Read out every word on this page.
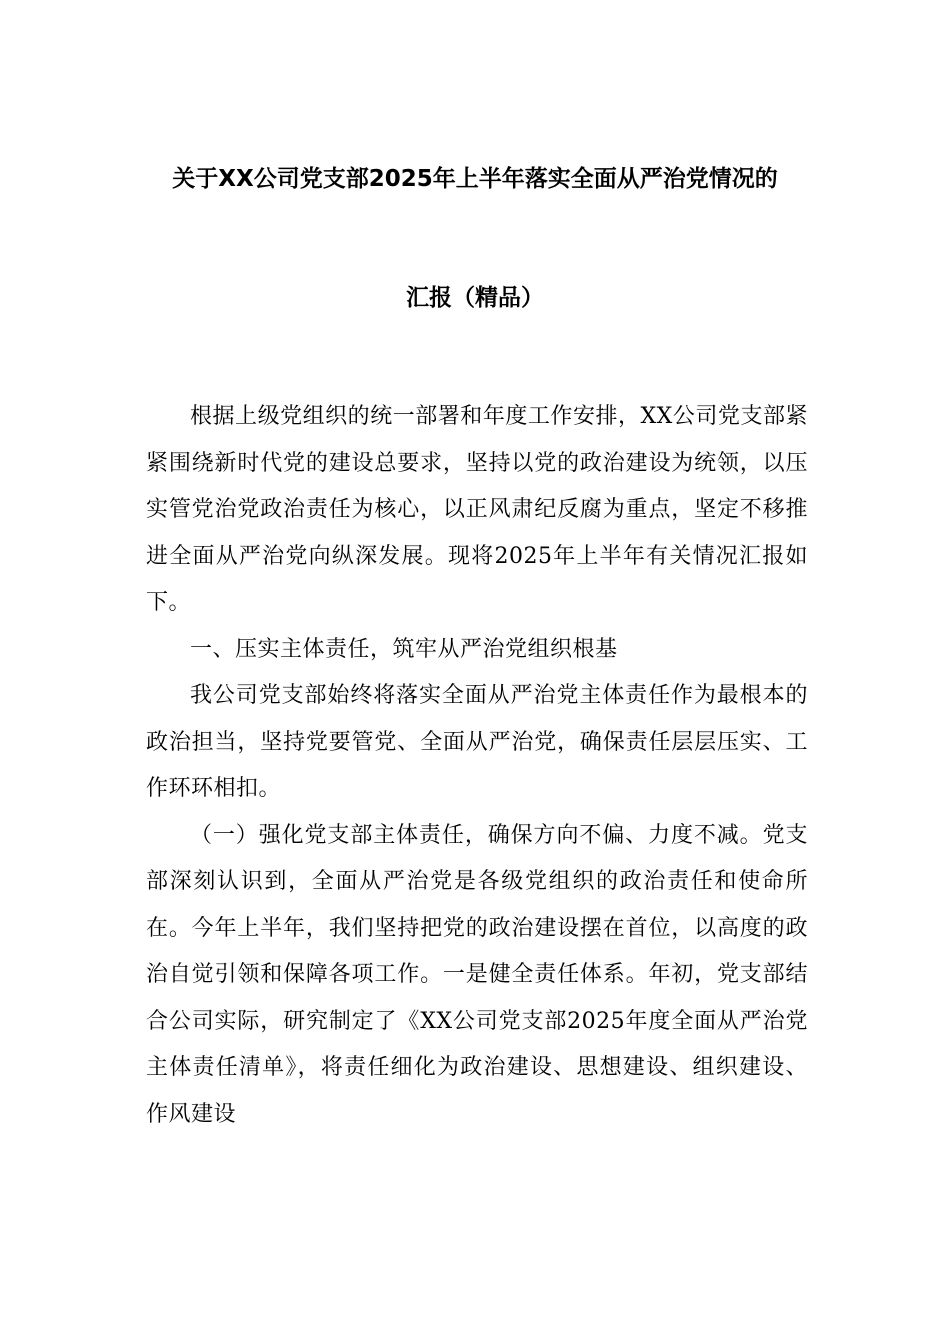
关于XX公司党支部2025年上半年落实全面从严治党情况的
汇报（精品）

根据上级党组织的统一部署和年度工作安排，XX公司党支部紧紧围绕新时代党的建设总要求，坚持以党的政治建设为统领，以压实管党治党政治责任为核心，以正风肃纪反腐为重点，坚定不移推进全面从严治党向纵深发展。现将2025年上半年有关情况汇报如下。

一、压实主体责任，筑牢从严治党组织根基

我公司党支部始终将落实全面从严治党主体责任作为最根本的政治担当，坚持党要管党、全面从严治党，确保责任层层压实、工作环环相扣。

（一）强化党支部主体责任，确保方向不偏、力度不减。党支部深刻认识到，全面从严治党是各级党组织的政治责任和使命所在。今年上半年，我们坚持把党的政治建设摆在首位，以高度的政治自觉引领和保障各项工作。一是健全责任体系。年初，党支部结合公司实际，研究制定了《XX公司党支部2025年度全面从严治党主体责任清单》，将责任细化为政治建设、思想建设、组织建设、作风建设
